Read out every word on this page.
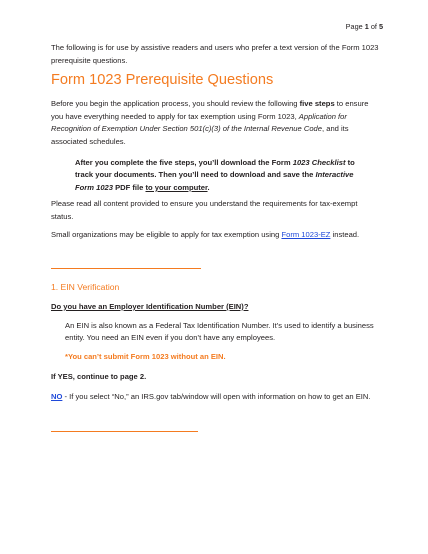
Page 1 of 5
The following is for use by assistive readers and users who prefer a text version of the Form 1023 prerequisite questions.
Form 1023 Prerequisite Questions
Before you begin the application process, you should review the following five steps to ensure you have everything needed to apply for tax exemption using Form 1023, Application for Recognition of Exemption Under Section 501(c)(3) of the Internal Revenue Code, and its associated schedules.
After you complete the five steps, you’ll download the Form 1023 Checklist to track your documents. Then you’ll need to download and save the Interactive Form 1023 PDF file to your computer.
Please read all content provided to ensure you understand the requirements for tax-exempt status.
Small organizations may be eligible to apply for tax exemption using Form 1023-EZ instead.
1. EIN Verification
Do you have an Employer Identification Number (EIN)?
An EIN is also known as a Federal Tax Identification Number. It’s used to identify a business entity. You need an EIN even if you don’t have any employees.
*You can’t submit Form 1023 without an EIN.
If YES, continue to page 2.
NO - If you select “No,” an IRS.gov tab/window will open with information on how to get an EIN.
